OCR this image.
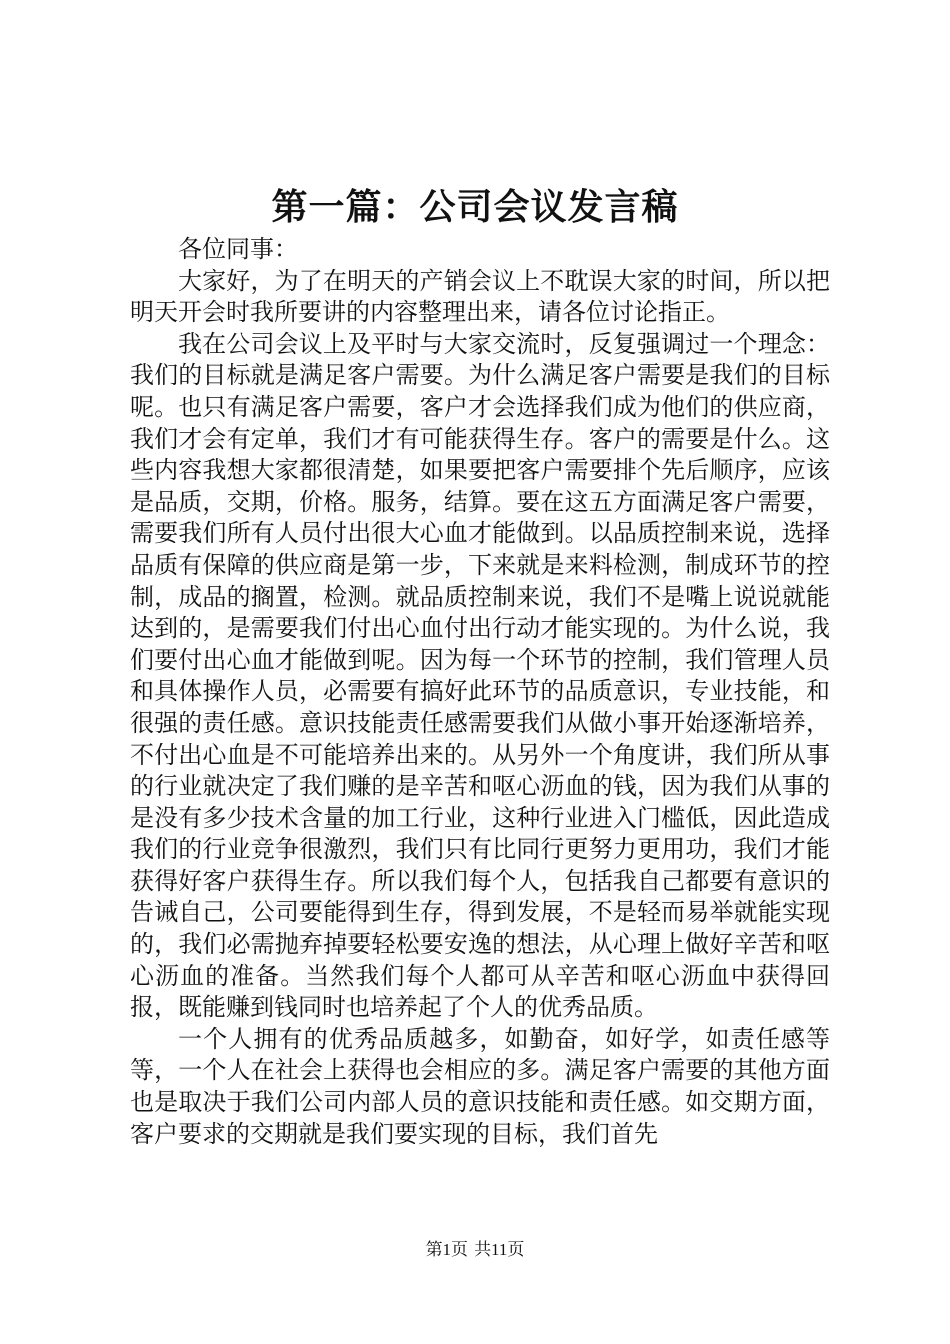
第一篇：公司会议发言稿

各位同事：

大家好，为了在明天的产销会议上不耽误大家的时间，所以把明天开会时我所要讲的内容整理出来，请各位讨论指正。

我在公司会议上及平时与大家交流时，反复强调过一个理念：我们的目标就是满足客户需要。为什么满足客户需要是我们的目标呢。也只有满足客户需要，客户才会选择我们成为他们的供应商，我们才会有定单，我们才有可能获得生存。客户的需要是什么。这些内容我想大家都很清楚，如果要把客户需要排个先后顺序，应该是品质，交期，价格。服务，结算。要在这五方面满足客户需要，需要我们所有人员付出很大心血才能做到。以品质控制来说，选择品质有保障的供应商是第一步，下来就是来料检测，制成环节的控制，成品的搁置，检测。就品质控制来说，我们不是嘴上说说就能达到的，是需要我们付出心血付出行动才能实现的。为什么说，我们要付出心血才能做到呢。因为每一个环节的控制，我们管理人员和具体操作人员，必需要有搞好此环节的品质意识，专业技能，和很强的责任感。意识技能责任感需要我们从做小事开始逐渐培养，不付出心血是不可能培养出来的。从另外一个角度讲，我们所从事的行业就决定了我们赚的是辛苦和呕心沥血的钱，因为我们从事的是没有多少技术含量的加工行业，这种行业进入门槛低，因此造成我们的行业竞争很激烈，我们只有比同行更努力更用功，我们才能获得好客户获得生存。所以我们每个人，包括我自己都要有意识的告诫自己，公司要能得到生存，得到发展，不是轻而易举就能实现的，我们必需抛弃掉要轻松要安逸的想法，从心理上做好辛苦和呕心沥血的准备。当然我们每个人都可从辛苦和呕心沥血中获得回报，既能赚到钱同时也培养起了个人的优秀品质。

一个人拥有的优秀品质越多，如勤奋，如好学，如责任感等等，一个人在社会上获得也会相应的多。满足客户需要的其他方面也是取决于我们公司内部人员的意识技能和责任感。如交期方面，客户要求的交期就是我们要实现的目标，我们首先

第1页 共11页
